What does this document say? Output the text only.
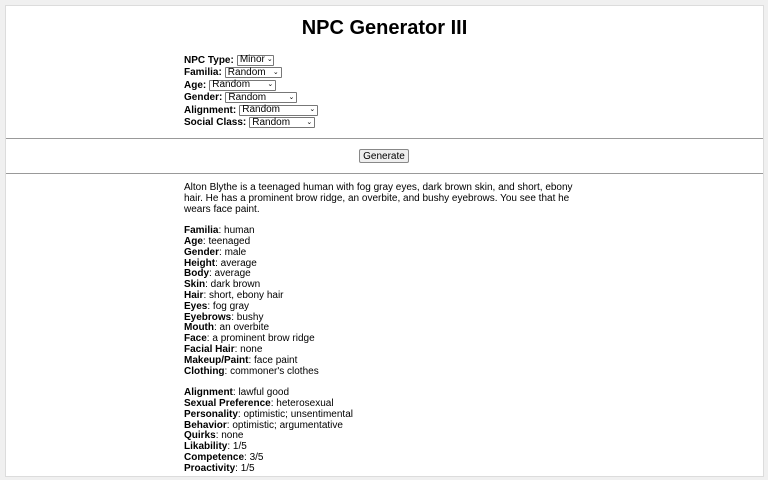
NPC Generator III
NPC Type: Minor ⌄
Familia: Random ⌄
Age: Random ⌄
Gender: Random	⌄
Alignment: Random	⌄
Social Class: Random ⌄
Generate

Alton Blythe is a teenaged human with fog gray eyes, dark brown skin, and short, ebony hair. He has a prominent brow ridge, an overbite, and bushy eyebrows. You see that he wears face paint.

Familia: human
Age: teenaged
Gender: male
Height: average
Body: average
Skin: dark brown
Hair: short, ebony hair
Eyes: fog gray
Eyebrows: bushy
Mouth: an overbite
Face: a prominent brow ridge
Facial Hair: none
Makeup/Paint: face paint
Clothing: commoner's clothes
Alignment: lawful good
Sexual Preference: heterosexual
Personality: optimistic; unsentimental
Behavior: optimistic; argumentative
Quirks: none
Likability: 1/5
Competence: 3/5
Proactivity: 1/5
